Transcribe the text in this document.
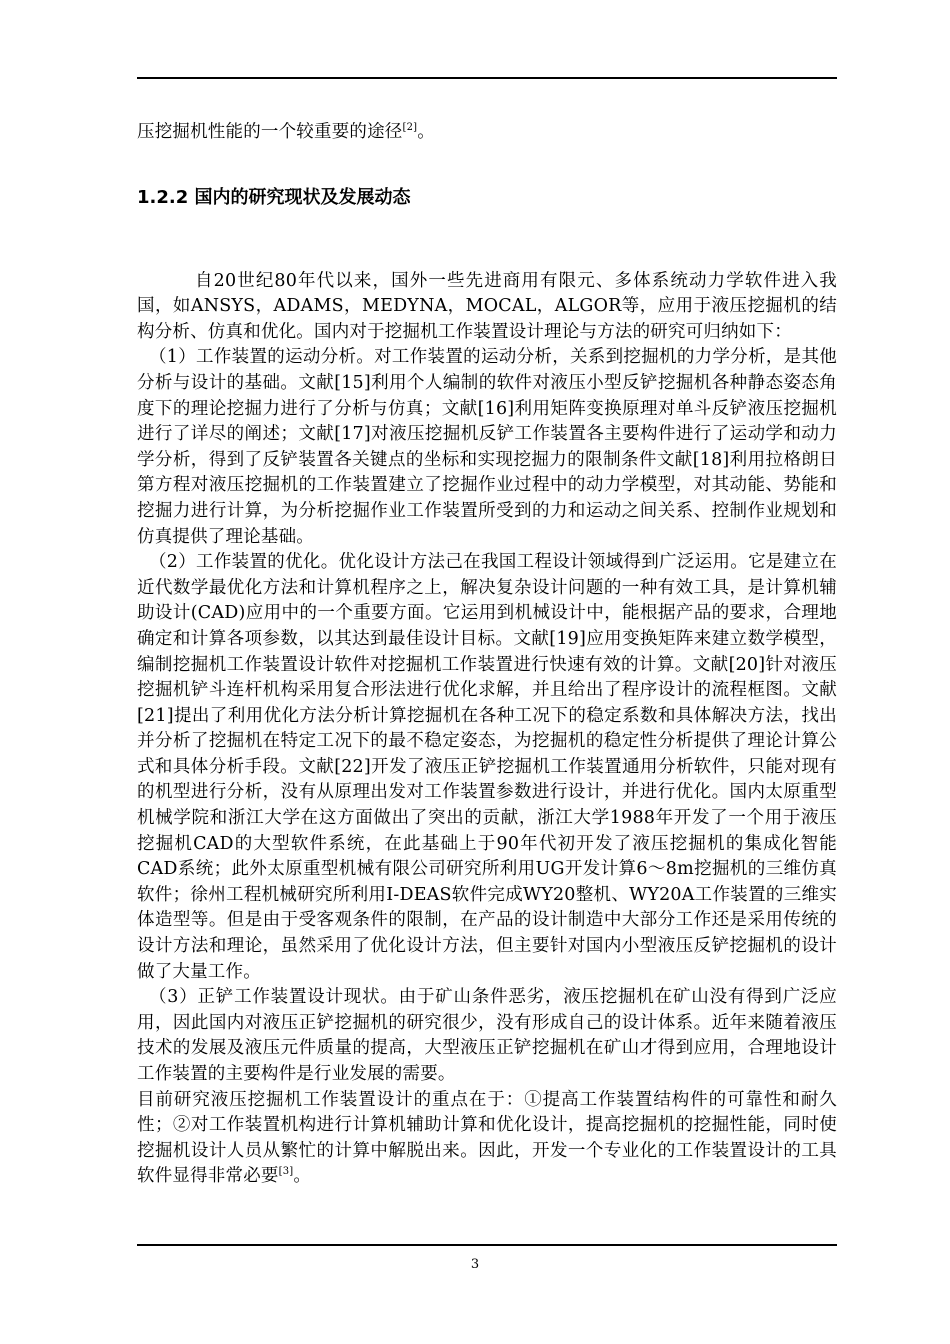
压挖掘机性能的一个较重要的途径[2]。

1.2.2 国内的研究现状及发展动态

自20世纪80年代以来，国外一些先进商用有限元、多体系统动力学软件进入我国，如ANSYS，ADAMS，MEDYNA，MOCAL，ALGOR等，应用于液压挖掘机的结构分析、仿真和优化。国内对于挖掘机工作装置设计理论与方法的研究可归纳如下：

（1）工作装置的运动分析。对工作装置的运动分析，关系到挖掘机的力学分析，是其他分析与设计的基础。文献[15]利用个人编制的软件对液压小型反铲挖掘机各种静态姿态角度下的理论挖掘力进行了分析与仿真；文献[16]利用矩阵变换原理对单斗反铲液压挖掘机进行了详尽的阐述；文献[17]对液压挖掘机反铲工作装置各主要构件进行了运动学和动力学分析，得到了反铲装置各关键点的坐标和实现挖掘力的限制条件文献[18]利用拉格朗日第方程对液压挖掘机的工作装置建立了挖掘作业过程中的动力学模型，对其动能、势能和挖掘力进行计算，为分析挖掘作业工作装置所受到的力和运动之间关系、控制作业规划和仿真提供了理论基础。

（2）工作装置的优化。优化设计方法己在我国工程设计领域得到广泛运用。它是建立在近代数学最优化方法和计算机程序之上，解决复杂设计问题的一种有效工具，是计算机辅助设计(CAD)应用中的一个重要方面。它运用到机械设计中，能根据产品的要求，合理地确定和计算各项参数，以其达到最佳设计目标。文献[19]应用变换矩阵来建立数学模型，编制挖掘机工作装置设计软件对挖掘机工作装置进行快速有效的计算。文献[20]针对液压挖掘机铲斗连杆机构采用复合形法进行优化求解，并且给出了程序设计的流程框图。文献[21]提出了利用优化方法分析计算挖掘机在各种工况下的稳定系数和具体解决方法，找出并分析了挖掘机在特定工况下的最不稳定姿态，为挖掘机的稳定性分析提供了理论计算公式和具体分析手段。文献[22]开发了液压正铲挖掘机工作装置通用分析软件，只能对现有的机型进行分析，没有从原理出发对工作装置参数进行设计，并进行优化。国内太原重型机械学院和浙江大学在这方面做出了突出的贡献，浙江大学1988年开发了一个用于液压挖掘机CAD的大型软件系统，在此基础上于90年代初开发了液压挖掘机的集成化智能CAD系统；此外太原重型机械有限公司研究所利用UG开发计算6～8m挖掘机的三维仿真软件；徐州工程机械研究所利用I-DEAS软件完成WY20整机、WY20A工作装置的三维实体造型等。但是由于受客观条件的限制，在产品的设计制造中大部分工作还是采用传统的设计方法和理论，虽然采用了优化设计方法，但主要针对国内小型液压反铲挖掘机的设计做了大量工作。

（3）正铲工作装置设计现状。由于矿山条件恶劣，液压挖掘机在矿山没有得到广泛应用，因此国内对液压正铲挖掘机的研究很少，没有形成自己的设计体系。近年来随着液压技术的发展及液压元件质量的提高，大型液压正铲挖掘机在矿山才得到应用，合理地设计工作装置的主要构件是行业发展的需要。

目前研究液压挖掘机工作装置设计的重点在于：①提高工作装置结构件的可靠性和耐久性；②对工作装置机构进行计算机辅助计算和优化设计，提高挖掘机的挖掘性能，同时使挖掘机设计人员从繁忙的计算中解脱出来。因此，开发一个专业化的工作装置设计的工具软件显得非常必要[3]。

3
